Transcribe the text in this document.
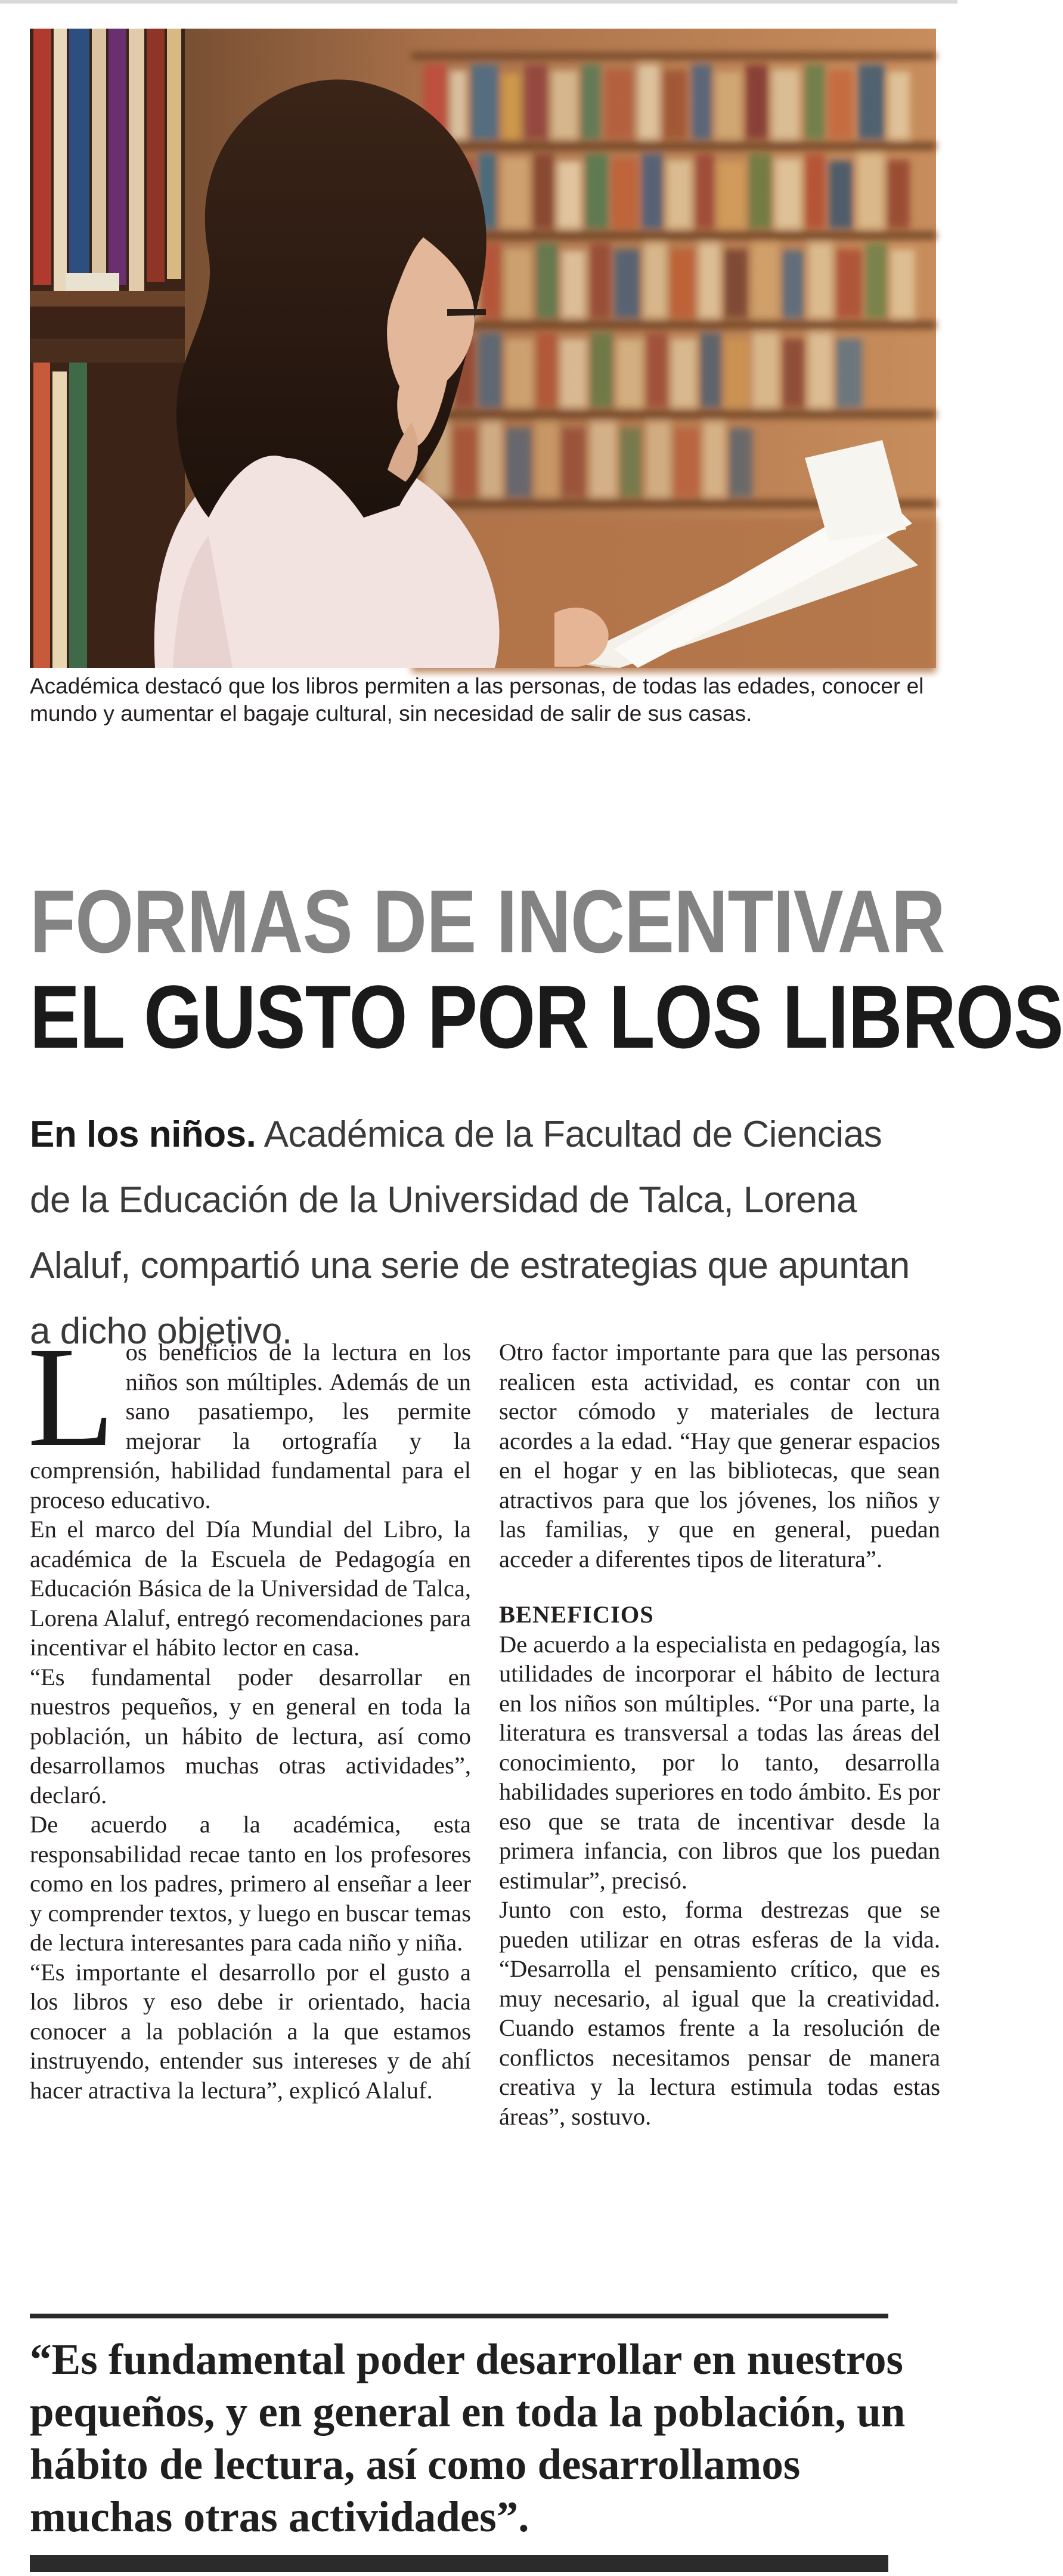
Académica destacó que los libros permiten a las personas, de todas las edades, conocer el mundo y aumentar el bagaje cultural, sin necesidad de salir de sus casas.
FORMAS DE INCENTIVAR
EL GUSTO POR LOS LIBROS
En los niños. Académica de la Facultad de Ciencias de la Educación de la Universidad de Talca, Lorena Alaluf, compartió una serie de estrategias que apuntan a dicho objetivo.

Los beneficios de la lectura en los niños son múltiples. Además de un sano pasatiempo, les permite mejorar la ortografía y la comprensión, habilidad fundamental para el proceso educativo.

En el marco del Día Mundial del Libro, la académica de la Escuela de Pedagogía en Educación Básica de la Universidad de Talca, Lorena Alaluf, entregó recomendaciones para incentivar el hábito lector en casa.

“Es fundamental poder desarrollar en nuestros pequeños, y en general en toda la población, un hábito de lectura, así como desarrollamos muchas otras actividades”, declaró.

De acuerdo a la académica, esta responsabilidad recae tanto en los profesores como en los padres, primero al enseñar a leer y comprender textos, y luego en buscar temas de lectura interesantes para cada niño y niña.

“Es importante el desarrollo por el gusto a los libros y eso debe ir orientado, hacia conocer a la población a la que estamos instruyendo, entender sus intereses y de ahí hacer atractiva la lectura”, explicó Alaluf.

Otro factor importante para que las personas realicen esta actividad, es contar con un sector cómodo y materiales de lectura acordes a la edad. “Hay que generar espacios en el hogar y en las bibliotecas, que sean atractivos para que los jóvenes, los niños y las familias, y que en general, puedan acceder a diferentes tipos de literatura”.

BENEFICIOS

De acuerdo a la especialista en pedagogía, las utilidades de incorporar el hábito de lectura en los niños son múltiples. “Por una parte, la literatura es transversal a todas las áreas del conocimiento, por lo tanto, desarrolla habilidades superiores en todo ámbito. Es por eso que se trata de incentivar desde la primera infancia, con libros que los puedan estimular”, precisó.

Junto con esto, forma destrezas que se pueden utilizar en otras esferas de la vida. “Desarrolla el pensamiento crítico, que es muy necesario, al igual que la creatividad. Cuando estamos frente a la resolución de conflictos necesitamos pensar de manera creativa y la lectura estimula todas estas áreas”, sostuvo.

“Es fundamental poder desarrollar en nuestros pequeños, y en general en toda la población, un hábito de lectura, así como desarrollamos muchas otras actividades”.
